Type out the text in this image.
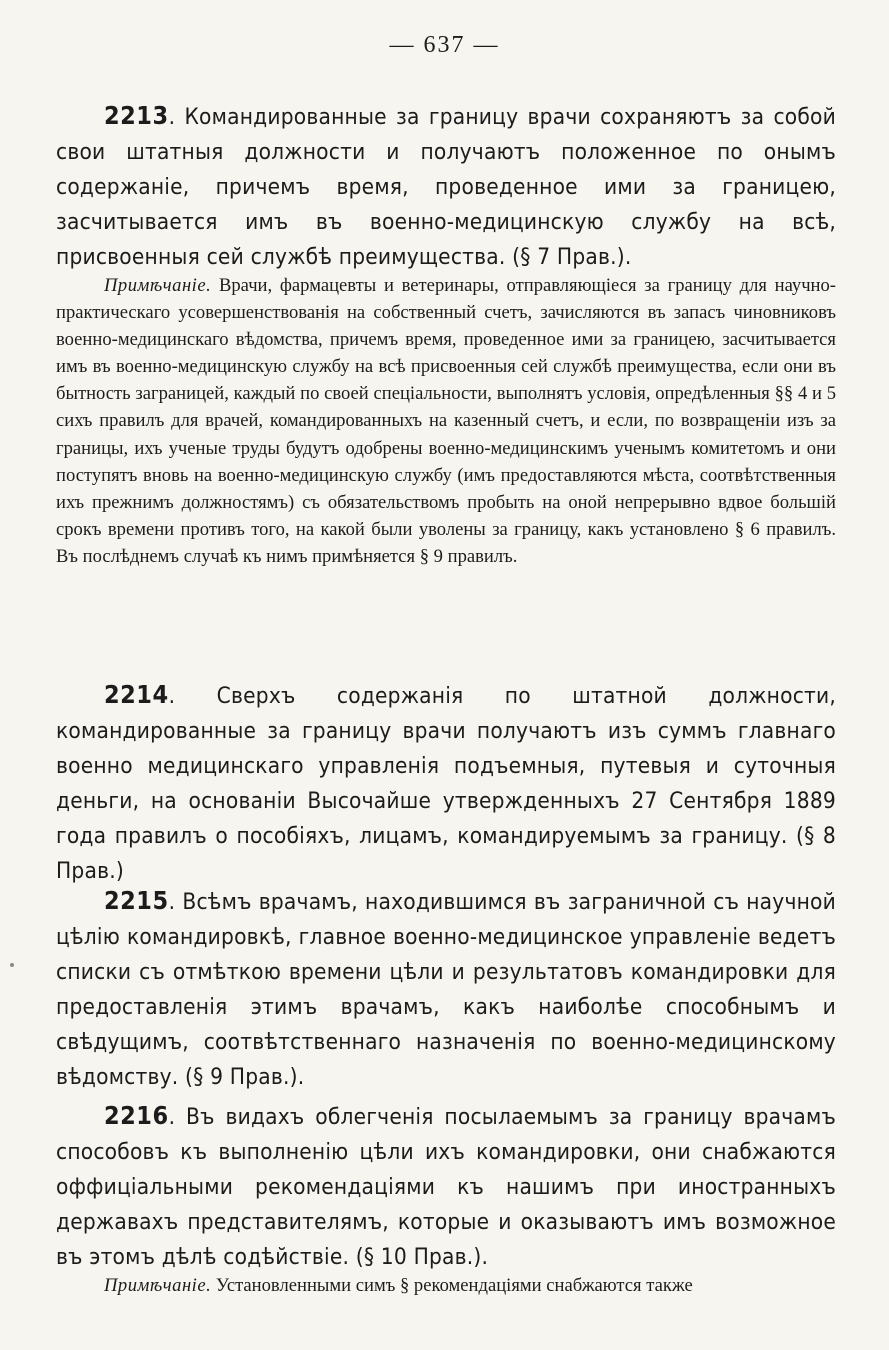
— 637 —
2213. Командированные за границу врачи сохраняютъ за собой свои штатныя должности и получаютъ положенное по онымъ содержаніе, причемъ время, проведенное ими за границею, засчитывается имъ въ военно-медицинскую службу на всѣ, присвоенныя сей службѣ преимущества. (§ 7 Прав.).
Примѣчаніе. Врачи, фармацевты и ветеринары, отправляющіеся за границу для научно-практическаго усовершенствованія на собственный счетъ, зачисляются въ запасъ чиновниковъ военно-медицинскаго вѣдомства, причемъ время, проведенное ими за границею, засчитывается имъ въ военно-медицинскую службу на всѣ присвоенныя сей службѣ преимущества, если они въ бытность заграницей, каждый по своей спеціальности, выполнятъ условія, опредѣленныя §§ 4 и 5 сихъ правилъ для врачей, командированныхъ на казенный счетъ, и если, по возвращеніи изъ за границы, ихъ ученые труды будутъ одобрены военно-медицинскимъ ученымъ комитетомъ и они поступятъ вновь на военно-медицинскую службу (имъ предоставляются мѣста, соотвѣтственныя ихъ прежнимъ должностямъ) съ обязательствомъ пробыть на оной непрерывно вдвое большій срокъ времени противъ того, на какой были уволены за границу, какъ установлено § 6 правилъ. Въ послѣднемъ случаѣ къ нимъ примѣняется § 9 правилъ.
2214. Сверхъ содержанія по штатной должности, командированные за границу врачи получаютъ изъ суммъ главнаго военно медицинскаго управленія подъемныя, путевыя и суточныя деньги, на основаніи Высочайше утвержденныхъ 27 Сентября 1889 года правилъ о пособіяхъ, лицамъ, командируемымъ за границу. (§ 8 Прав.)
2215. Всѣмъ врачамъ, находившимся въ заграничной съ научной цѣлію командировкѣ, главное военно-медицинское управленіе ведетъ списки съ отмѣткою времени цѣли и результатовъ командировки для предоставленія этимъ врачамъ, какъ наиболѣе способнымъ и свѣдущимъ, соотвѣтственнаго назначенія по военно-медицинскому вѣдомству. (§ 9 Прав.).
2216. Въ видахъ облегченія посылаемымъ за границу врачамъ способовъ къ выполненію цѣли ихъ командировки, они снабжаются оффиціальными рекомендаціями къ нашимъ при иностранныхъ державахъ представителямъ, которые и оказываютъ имъ возможное въ этомъ дѣлѣ содѣйствіе. (§ 10 Прав.).
Примѣчаніе. Установленными симъ § рекомендаціями снабжаются также
